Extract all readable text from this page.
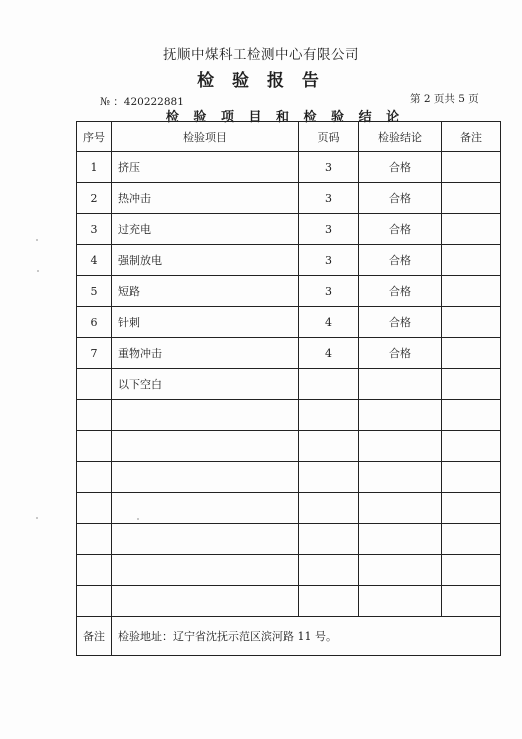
抚顺中煤科工检测中心有限公司
检 验 报 告
№ ：420222881	第 2 页共 5 页
检 验 项 目 和 检 验 结 论
序号	检验项目	页码	检验结论	备注
1	挤压	3	合格	
2	热冲击	3	合格	
3	过充电	3	合格	
4	强制放电	3	合格	
5	短路	3	合格	
6	针刺	4	合格	
7	重物冲击	4	合格	
	以下空白			

备注	检验地址：辽宁省沈抚示范区滨河路 11 号。			
